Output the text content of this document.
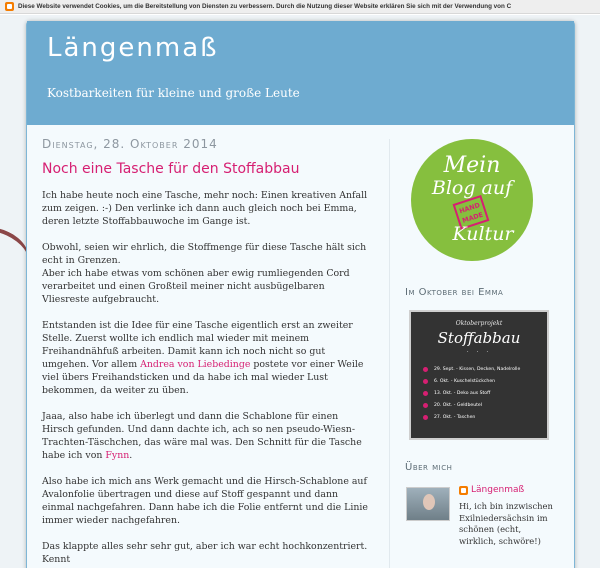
Diese Website verwendet Cookies, um die Bereitstellung von Diensten zu verbessern. Durch die Nutzung dieser Website erklären Sie sich mit der Verwendung von C
Längenmaß
Kostbarkeiten für kleine und große Leute
Dienstag, 28. Oktober 2014
Noch eine Tasche für den Stoffabbau

Ich habe heute noch eine Tasche, mehr noch: Einen kreativen Anfall zum zeigen. :-) Den verlinke ich dann auch gleich noch bei Emma, deren letzte Stoffabbauwoche im Gange ist.

Obwohl, seien wir ehrlich, die Stoffmenge für diese Tasche hält sich echt in Grenzen.
Aber ich habe etwas vom schönen aber ewig rumliegenden Cord verarbeitet und einen Großteil meiner nicht ausbügelbaren Vliesreste aufgebraucht.

Entstanden ist die Idee für eine Tasche eigentlich erst an zweiter Stelle. Zuerst wollte ich endlich mal wieder mit meinem Freihandnähfuß arbeiten. Damit kann ich noch nicht so gut umgehen. Vor allem Andrea von Liebedinge postete vor einer Weile viel übers Freihandsticken und da habe ich mal wieder Lust bekommen, da weiter zu üben.

Jaaa, also habe ich überlegt und dann die Schablone für einen Hirsch gefunden. Und dann dachte ich, ach so nen pseudo-Wiesn-Trachten-Täschchen, das wäre mal was. Den Schnitt für die Tasche habe ich von Fynn.

Also habe ich mich ans Werk gemacht und die Hirsch-Schablone auf Avalonfolie übertragen und diese auf Stoff gespannt und dann einmal nachgefahren. Dann habe ich die Folie entfernt und die Linie immer wieder nachgefahren.

Das klappte alles sehr sehr gut, aber ich war echt hochkonzentriert. Kennt

Mein
Blog auf
HAND
MADE
Kultur
Im Oktober bei Emma
Oktoberprojekt
Stoffabbau
· · ·
29. Sept. - Kissen, Decken, Nadelrolle
6. Okt. - Kuschelstückchen
13. Okt. - Deko aus Stoff
20. Okt. - Geldbeutel
27. Okt. - Taschen
Über mich
Längenmaß
Hi, ich bin inzwischen Exilniedersächsin im schönen (echt, wirklich, schwöre!)
